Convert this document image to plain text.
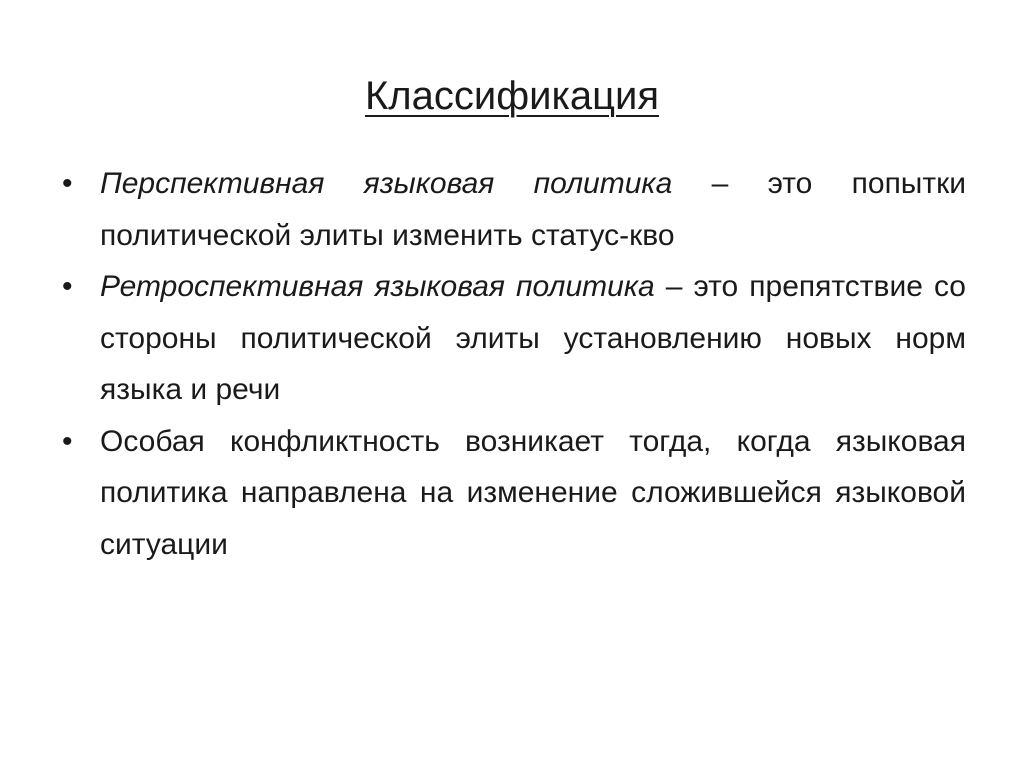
Классификация
• Перспективная языковая политика – это попытки политической элиты изменить статус-кво
• Ретроспективная языковая политика – это препятствие со стороны политической элиты установлению новых норм языка и речи
• Особая конфликтность возникает тогда, когда языковая политика направлена на изменение сложившейся языковой ситуации
